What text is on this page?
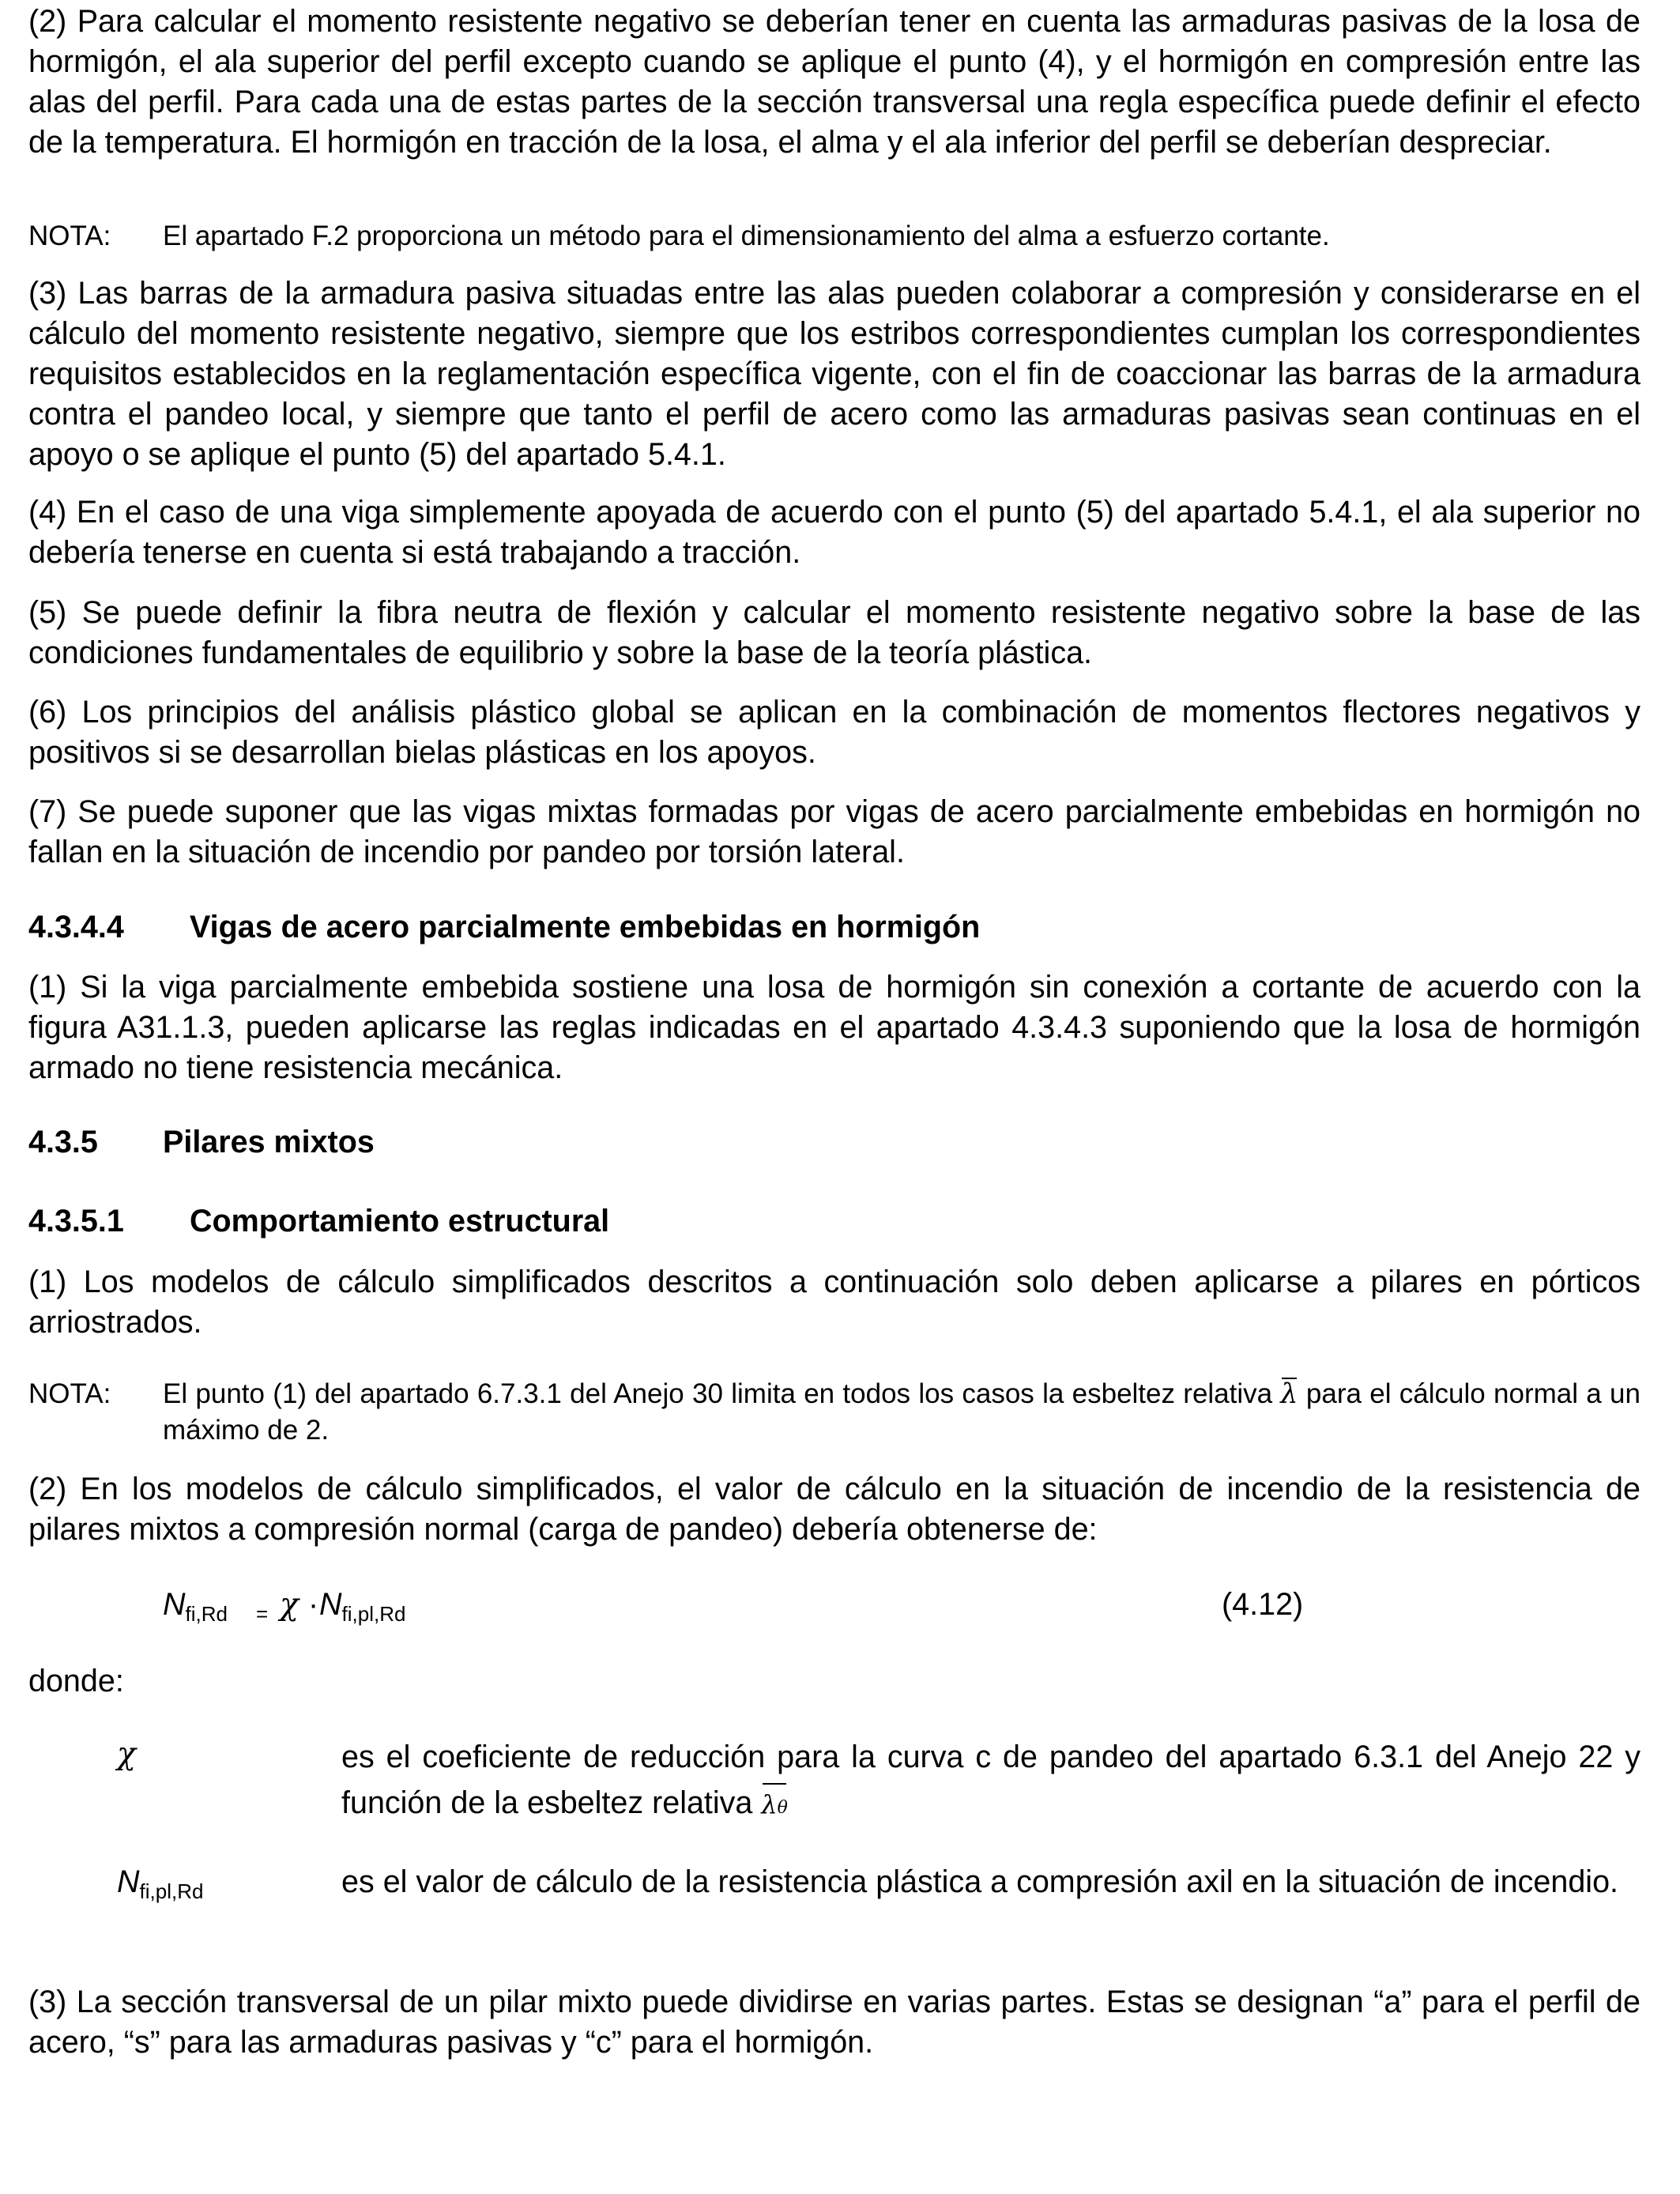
(2) Para calcular el momento resistente negativo se deberían tener en cuenta las armaduras pasivas de la losa de hormigón, el ala superior del perfil excepto cuando se aplique el punto (4), y el hormigón en compresión entre las alas del perfil. Para cada una de estas partes de la sección transversal una regla específica puede definir el efecto de la temperatura. El hormigón en tracción de la losa, el alma y el ala inferior del perfil se deberían despreciar.

NOTA:	El apartado F.2 proporciona un método para el dimensionamiento del alma a esfuerzo cortante.

(3) Las barras de la armadura pasiva situadas entre las alas pueden colaborar a compresión y considerarse en el cálculo del momento resistente negativo, siempre que los estribos correspondientes cumplan los correspondientes requisitos establecidos en la reglamentación específica vigente, con el fin de coaccionar las barras de la armadura contra el pandeo local, y siempre que tanto el perfil de acero como las armaduras pasivas sean continuas en el apoyo o se aplique el punto (5) del apartado 5.4.1.

(4) En el caso de una viga simplemente apoyada de acuerdo con el punto (5) del apartado 5.4.1, el ala superior no debería tenerse en cuenta si está trabajando a tracción.

(5) Se puede definir la fibra neutra de flexión y calcular el momento resistente negativo sobre la base de las condiciones fundamentales de equilibrio y sobre la base de la teoría plástica.

(6) Los principios del análisis plástico global se aplican en la combinación de momentos flectores negativos y positivos si se desarrollan bielas plásticas en los apoyos.

(7) Se puede suponer que las vigas mixtas formadas por vigas de acero parcialmente embebidas en hormigón no fallan en la situación de incendio por pandeo por torsión lateral.

4.3.4.4	Vigas de acero parcialmente embebidas en hormigón

(1) Si la viga parcialmente embebida sostiene una losa de hormigón sin conexión a cortante de acuerdo con la figura A31.1.3, pueden aplicarse las reglas indicadas en el apartado 4.3.4.3 suponiendo que la losa de hormigón armado no tiene resistencia mecánica.

4.3.5	Pilares mixtos
4.3.5.1	Comportamiento estructural

(1) Los modelos de cálculo simplificados descritos a continuación solo deben aplicarse a pilares en pórticos arriostrados.

NOTA:	El punto (1) del apartado 6.7.3.1 del Anejo 30 limita en todos los casos la esbeltez relativa λ para el cálculo normal a un máximo de 2.

(2) En los modelos de cálculo simplificados, el valor de cálculo en la situación de incendio de la resistencia de pilares mixtos a compresión normal (carga de pandeo) debería obtenerse de:

$N_{fi,Rd} = \chi \cdot N_{fi,pl,Rd}$	(4.12)

donde:

χ	es el coeficiente de reducción para la curva c de pandeo del apartado 6.3.1 del Anejo 22 y función de la esbeltez relativa λθ
$N_{fi,pl,Rd}$	es el valor de cálculo de la resistencia plástica a compresión axil en la situación de incendio.

(3) La sección transversal de un pilar mixto puede dividirse en varias partes. Estas se designan “a” para el perfil de acero, “s” para las armaduras pasivas y “c” para el hormigón.
